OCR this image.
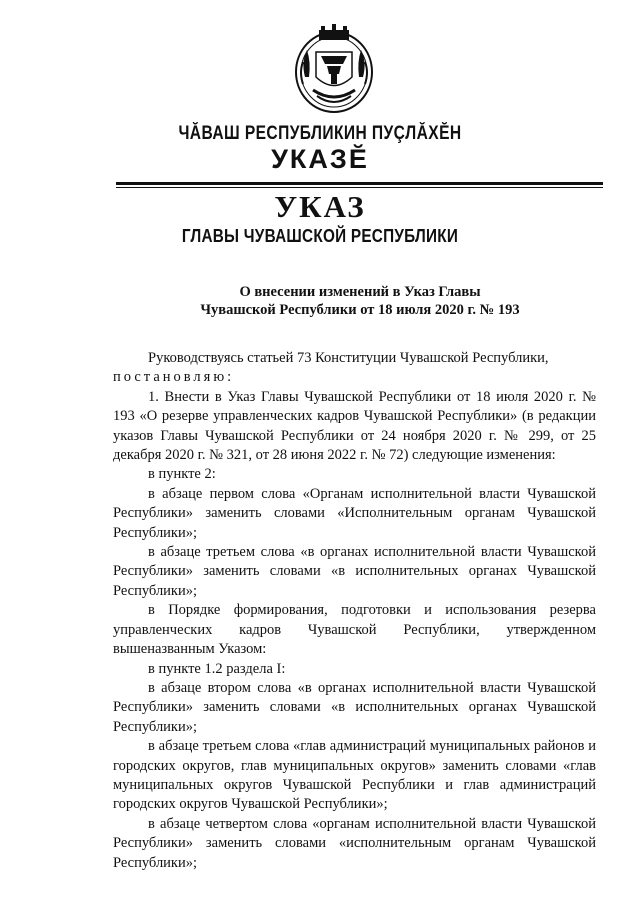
ЧĂВАШ РЕСПУБЛИКИН ПУÇЛĂХĔН
УКАЗĔ
УКАЗ
ГЛАВЫ ЧУВАШСКОЙ РЕСПУБЛИКИ
О внесении изменений в Указ Главы
Чувашской Республики от 18 июля 2020 г. № 193

Руководствуясь статьей 73 Конституции Чувашской Республики,

постановляю:

1. Внести в Указ Главы Чувашской Республики от 18 июля 2020 г. № 193 «О резерве управленческих кадров Чувашской Республики» (в редакции указов Главы Чувашской Республики от 24 ноября 2020 г. № 299, от 25 декабря 2020 г. № 321, от 28 июня 2022 г. № 72) следующие изменения:

в пункте 2:

в абзаце первом слова «Органам исполнительной власти Чувашской Республики» заменить словами «Исполнительным органам Чувашской Республики»;

в абзаце третьем слова «в органах исполнительной власти Чувашской Республики» заменить словами «в исполнительных органах Чувашской Республики»;

в Порядке формирования, подготовки и использования резерва управленческих кадров Чувашской Республики, утвержденном вышеназванным Указом:

в пункте 1.2 раздела I:

в абзаце втором слова «в органах исполнительной власти Чувашской Республики» заменить словами «в исполнительных органах Чувашской Республики»;

в абзаце третьем слова «глав администраций муниципальных районов и городских округов, глав муниципальных округов» заменить словами «глав муниципальных округов Чувашской Республики и глав администраций городских округов Чувашской Республики»;

в абзаце четвертом слова «органам исполнительной власти Чувашской Республики» заменить словами «исполнительным органам Чувашской Республики»;
